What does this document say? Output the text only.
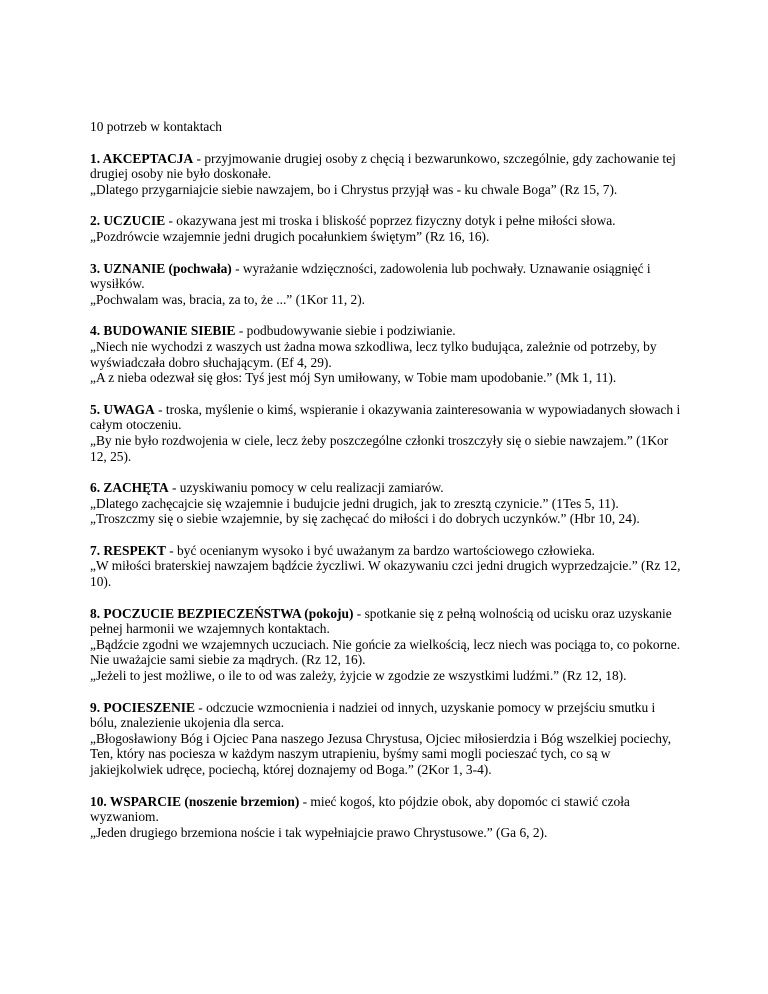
10 potrzeb w kontaktach

1. AKCEPTACJA - przyjmowanie drugiej osoby z chęcią i bezwarunkowo, szczególnie, gdy zachowanie tej drugiej osoby nie było doskonałe.

„Dlatego przygarniajcie siebie nawzajem, bo i Chrystus przyjął was - ku chwale Boga” (Rz 15, 7).

2. UCZUCIE - okazywana jest mi troska i bliskość poprzez fizyczny dotyk i pełne miłości słowa.

„Pozdrówcie wzajemnie jedni drugich pocałunkiem świętym” (Rz 16, 16).

3. UZNANIE (pochwała) - wyrażanie wdzięczności, zadowolenia lub pochwały. Uznawanie osiągnięć i wysiłków.

„Pochwalam was, bracia, za to, że ...” (1Kor 11, 2).

4. BUDOWANIE SIEBIE - podbudowywanie siebie i podziwianie.

„Niech nie wychodzi z waszych ust żadna mowa szkodliwa, lecz tylko budująca, zależnie od potrzeby, by wyświadczała dobro słuchającym. (Ef 4, 29).

„A z nieba odezwał się głos: Tyś jest mój Syn umiłowany, w Tobie mam upodobanie.” (Mk 1, 11).

5. UWAGA - troska, myślenie o kimś, wspieranie i okazywania zainteresowania w wypowiadanych słowach i całym otoczeniu.

„By nie było rozdwojenia w ciele, lecz żeby poszczególne członki troszczyły się o siebie nawzajem.” (1Kor 12, 25).

6. ZACHĘTA - uzyskiwaniu pomocy w celu realizacji zamiarów.

„Dlatego zachęcajcie się wzajemnie i budujcie jedni drugich, jak to zresztą czynicie.” (1Tes 5, 11).

„Troszczmy się o siebie wzajemnie, by się zachęcać do miłości i do dobrych uczynków.” (Hbr 10, 24).

7. RESPEKT - być ocenianym wysoko i być uważanym za bardzo wartościowego człowieka.

„W miłości braterskiej nawzajem bądźcie życzliwi. W okazywaniu czci jedni drugich wyprzedzajcie.” (Rz 12, 10).

8. POCZUCIE BEZPIECZEŃSTWA (pokoju) - spotkanie się z pełną wolnością od ucisku oraz uzyskanie pełnej harmonii we wzajemnych kontaktach.

„Bądźcie zgodni we wzajemnych uczuciach. Nie gońcie za wielkością, lecz niech was pociąga to, co pokorne. Nie uważajcie sami siebie za mądrych. (Rz 12, 16).

„Jeżeli to jest możliwe, o ile to od was zależy, żyjcie w zgodzie ze wszystkimi ludźmi.” (Rz 12, 18).

9. POCIESZENIE - odczucie wzmocnienia i nadziei od innych, uzyskanie pomocy w przejściu smutku i bólu, znalezienie ukojenia dla serca.

„Błogosławiony Bóg i Ojciec Pana naszego Jezusa Chrystusa, Ojciec miłosierdzia i Bóg wszelkiej pociechy, Ten, który nas pociesza w każdym naszym utrapieniu, byśmy sami mogli pocieszać tych, co są w jakiejkolwiek udręce, pociechą, której doznajemy od Boga.” (2Kor 1, 3-4).

10. WSPARCIE (noszenie brzemion) - mieć kogoś, kto pójdzie obok, aby dopomóc ci stawić czoła wyzwaniom.

„Jeden drugiego brzemiona noście i tak wypełniajcie prawo Chrystusowe.” (Ga 6, 2).
